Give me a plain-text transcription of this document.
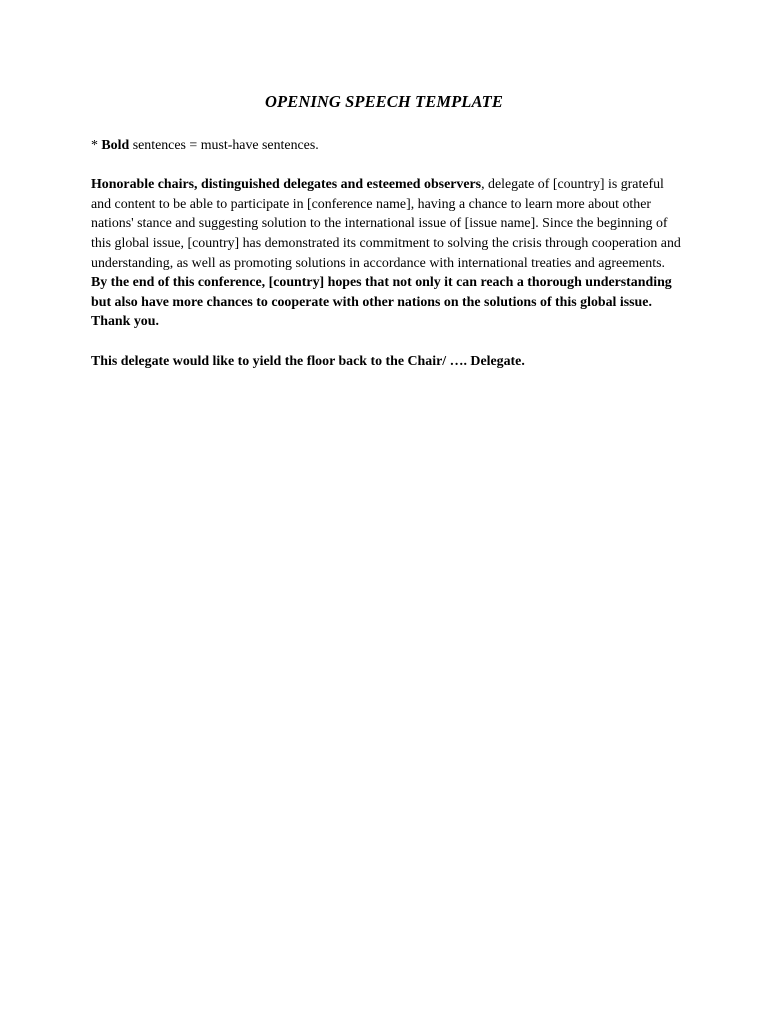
OPENING SPEECH TEMPLATE

* Bold sentences = must-have sentences.

Honorable chairs, distinguished delegates and esteemed observers, delegate of [country] is grateful and content to be able to participate in [conference name], having a chance to learn more about other nations' stance and suggesting solution to the international issue of [issue name]. Since the beginning of this global issue, [country] has demonstrated its commitment to solving the crisis through cooperation and understanding, as well as promoting solutions in accordance with international treaties and agreements. By the end of this conference, [country] hopes that not only it can reach a thorough understanding but also have more chances to cooperate with other nations on the solutions of this global issue. Thank you.

This delegate would like to yield the floor back to the Chair/ …. Delegate.
